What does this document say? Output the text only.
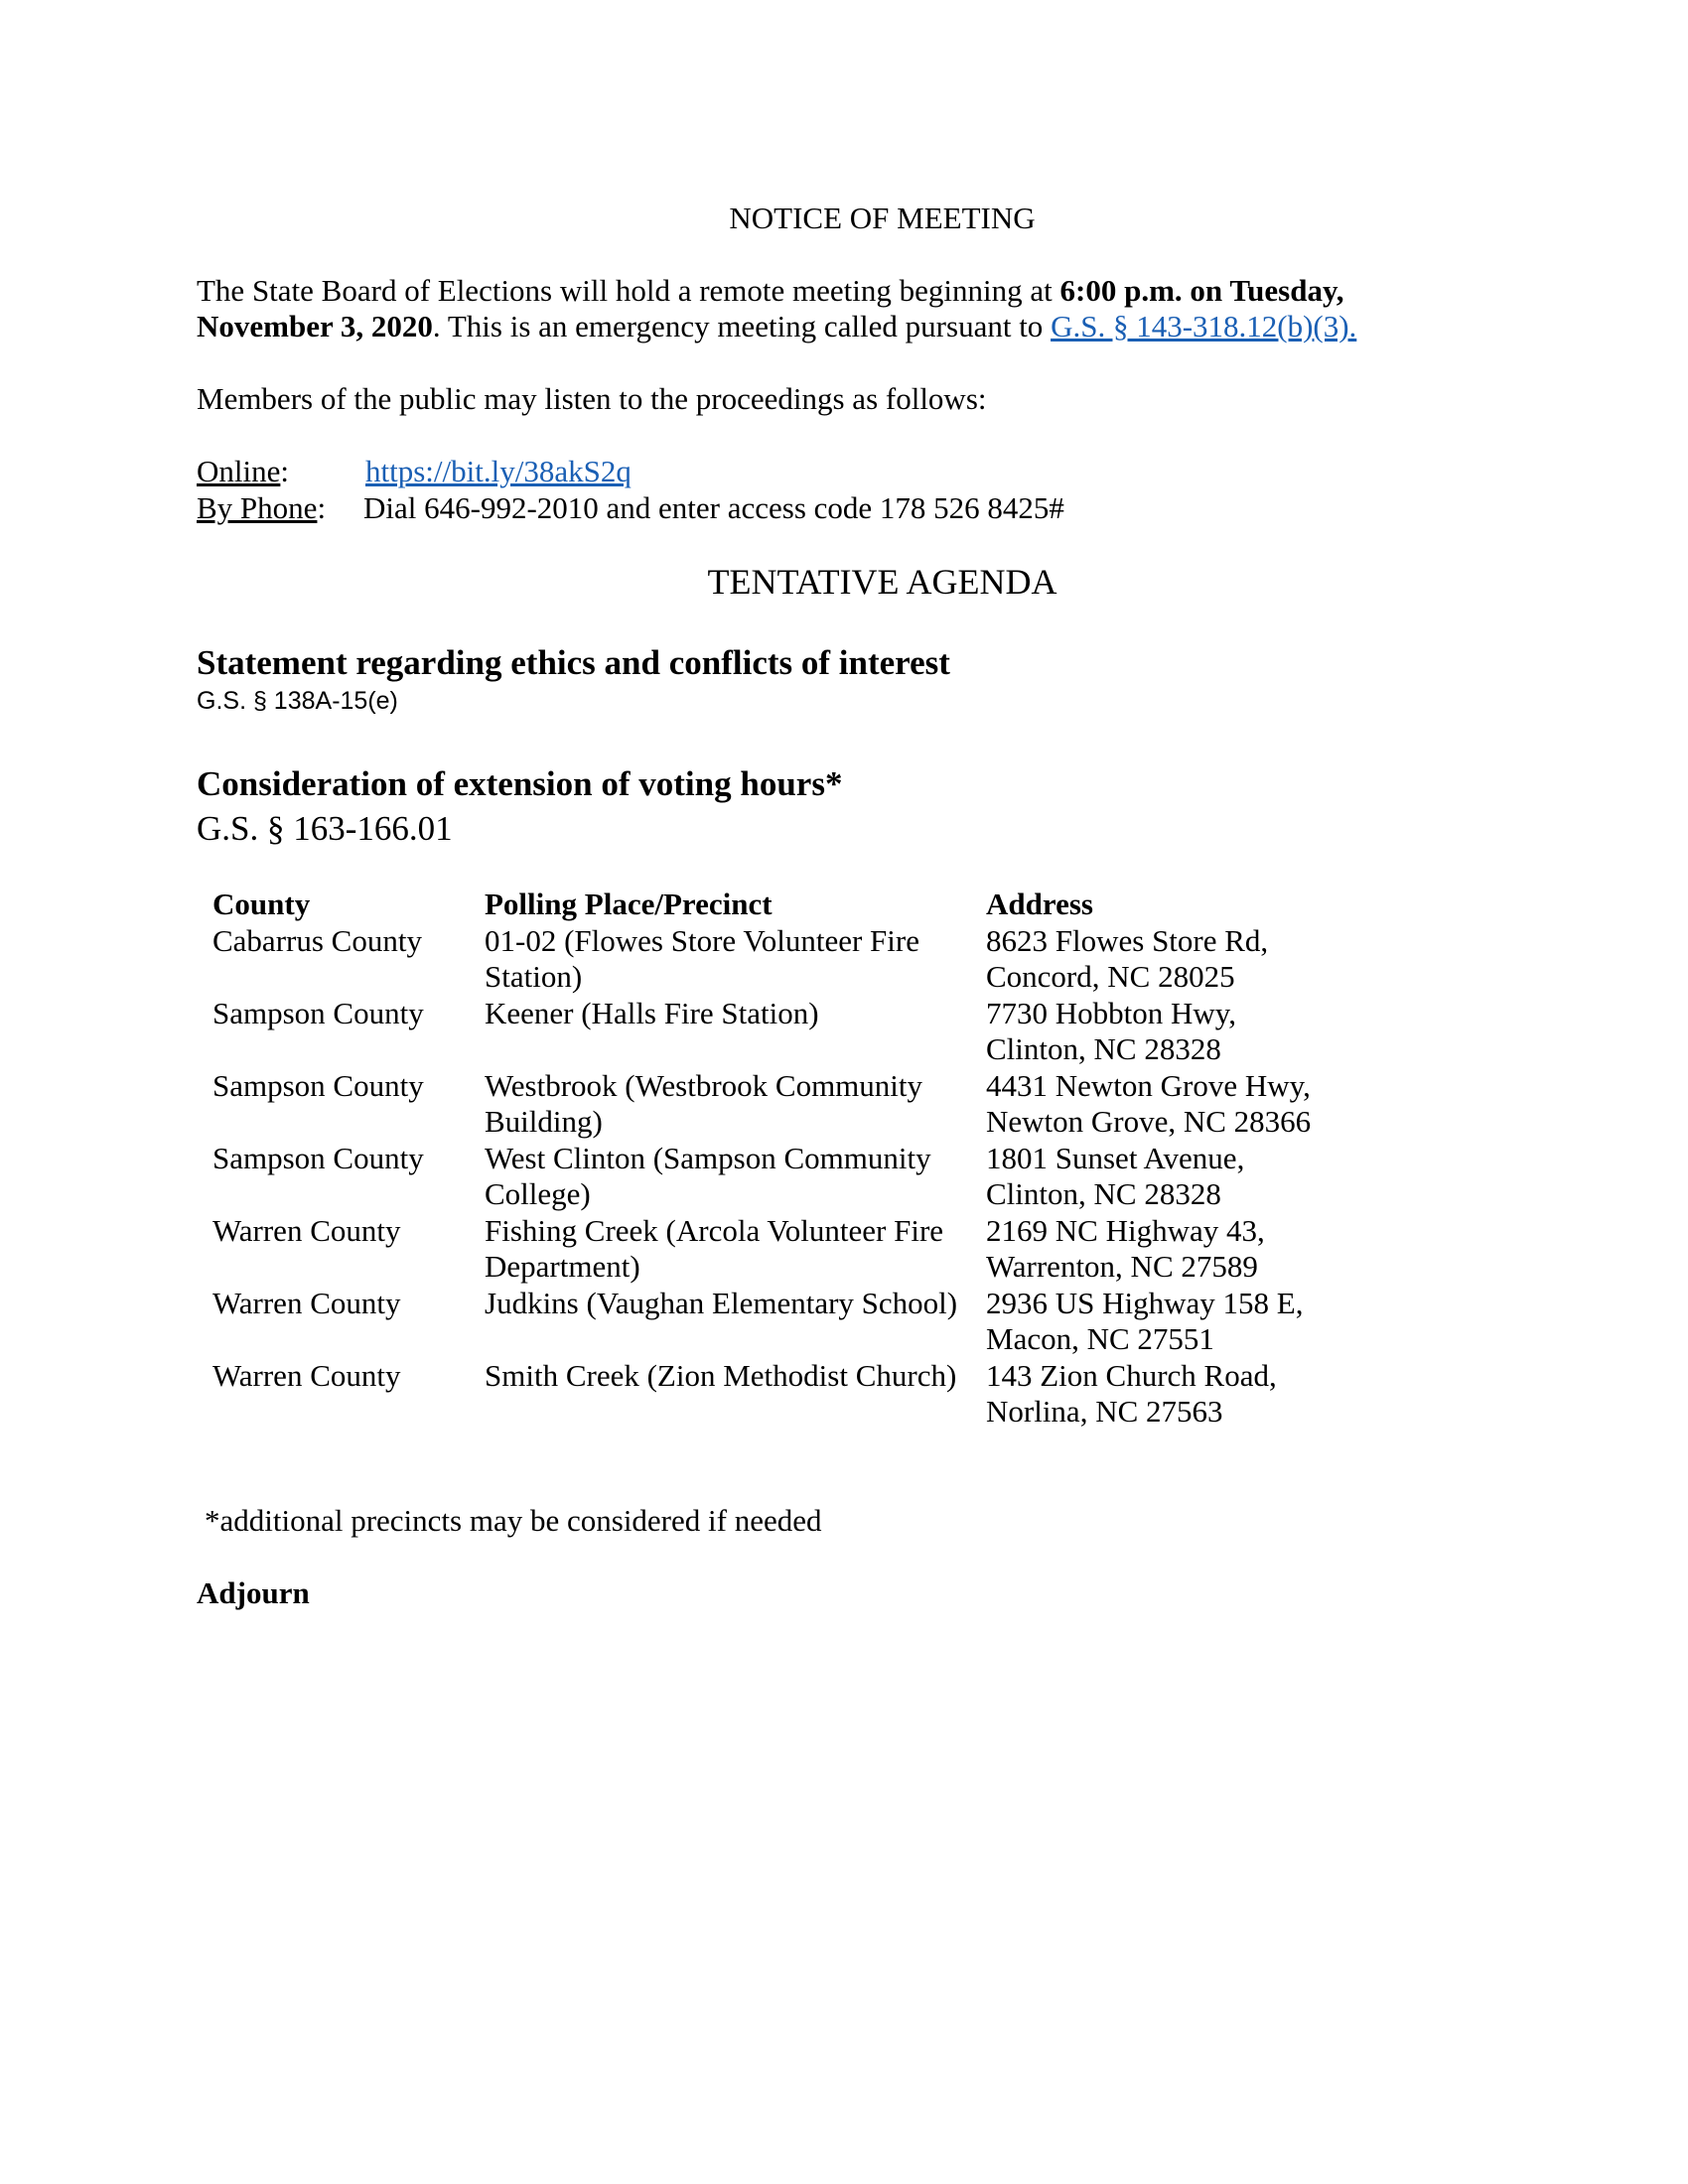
NOTICE OF MEETING
The State Board of Elections will hold a remote meeting beginning at 6:00 p.m. on Tuesday,
November 3, 2020. This is an emergency meeting called pursuant to G.S. § 143-318.12(b)(3).
Members of the public may listen to the proceedings as follows:
Online: https://bit.ly/38akS2q
By Phone: Dial 646-992-2010 and enter access code 178 526 8425#
TENTATIVE AGENDA
Statement regarding ethics and conflicts of interest
G.S. § 138A-15(e)
Consideration of extension of voting hours*
G.S. § 163-166.01
County	Polling Place/Precinct	Address
Cabarrus County	01-02 (Flowes Store Volunteer Fire Station)	8623 Flowes Store Rd, Concord, NC 28025
Sampson County	Keener (Halls Fire Station)	7730 Hobbton Hwy, Clinton, NC 28328
Sampson County	Westbrook (Westbrook Community Building)	4431 Newton Grove Hwy, Newton Grove, NC 28366
Sampson County	West Clinton (Sampson Community College)	1801 Sunset Avenue, Clinton, NC 28328
Warren County	Fishing Creek (Arcola Volunteer Fire Department)	2169 NC Highway 43, Warrenton, NC 27589
Warren County	Judkins (Vaughan Elementary School)	2936 US Highway 158 E, Macon, NC 27551
Warren County	Smith Creek (Zion Methodist Church)	143 Zion Church Road, Norlina, NC 27563
*additional precincts may be considered if needed
Adjourn
